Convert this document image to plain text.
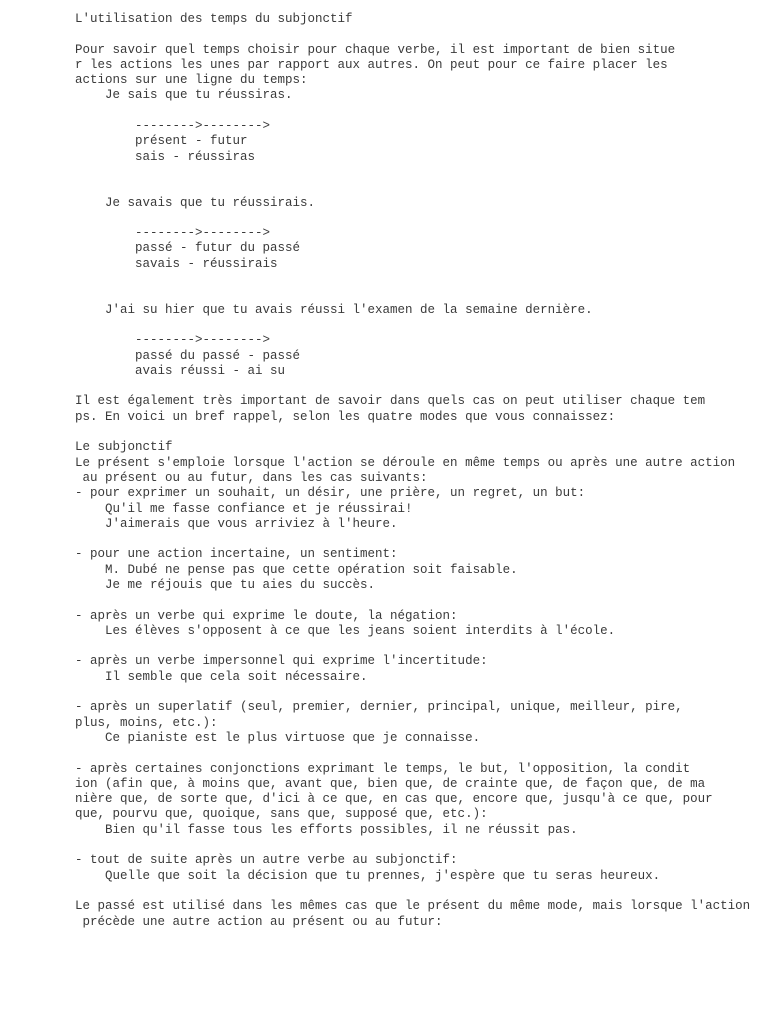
L'utilisation des temps du subjonctif
Pour savoir quel temps choisir pour chaque verbe, il est important de bien situe
r les actions les unes par rapport aux autres. On peut pour ce faire placer les
actions sur une ligne du temps:
Je sais que tu réussiras.
-------->-------->
présent - futur
sais - réussiras
Je savais que tu réussirais.
-------->-------->
passé - futur du passé
savais - réussirais
J'ai su hier que tu avais réussi l'examen de la semaine dernière.
-------->-------->
passé du passé - passé
avais réussi - ai su
Il est également très important de savoir dans quels cas on peut utiliser chaque tem
ps. En voici un bref rappel, selon les quatre modes que vous connaissez:
Le subjonctif
Le présent s'emploie lorsque l'action se déroule en même temps ou après une autre action
au présent ou au futur, dans les cas suivants:
- pour exprimer un souhait, un désir, une prière, un regret, un but:
Qu'il me fasse confiance et je réussirai!
J'aimerais que vous arriviez à l'heure.
- pour une action incertaine, un sentiment:
M. Dubé ne pense pas que cette opération soit faisable.
Je me réjouis que tu aies du succès.
- après un verbe qui exprime le doute, la négation:
Les élèves s'opposent à ce que les jeans soient interdits à l'école.
- après un verbe impersonnel qui exprime l'incertitude:
Il semble que cela soit nécessaire.
- après un superlatif (seul, premier, dernier, principal, unique, meilleur, pire,
plus, moins, etc.):
Ce pianiste est le plus virtuose que je connaisse.
- après certaines conjonctions exprimant le temps, le but, l'opposition, la condit
ion (afin que, à moins que, avant que, bien que, de crainte que, de façon que, de ma
nière que, de sorte que, d'ici à ce que, en cas que, encore que, jusqu'à ce que, pour
que, pourvu que, quoique, sans que, supposé que, etc.):
Bien qu'il fasse tous les efforts possibles, il ne réussit pas.
- tout de suite après un autre verbe au subjonctif:
Quelle que soit la décision que tu prennes, j'espère que tu seras heureux.
Le passé est utilisé dans les mêmes cas que le présent du même mode, mais lorsque l'action
précède une autre action au présent ou au futur:
